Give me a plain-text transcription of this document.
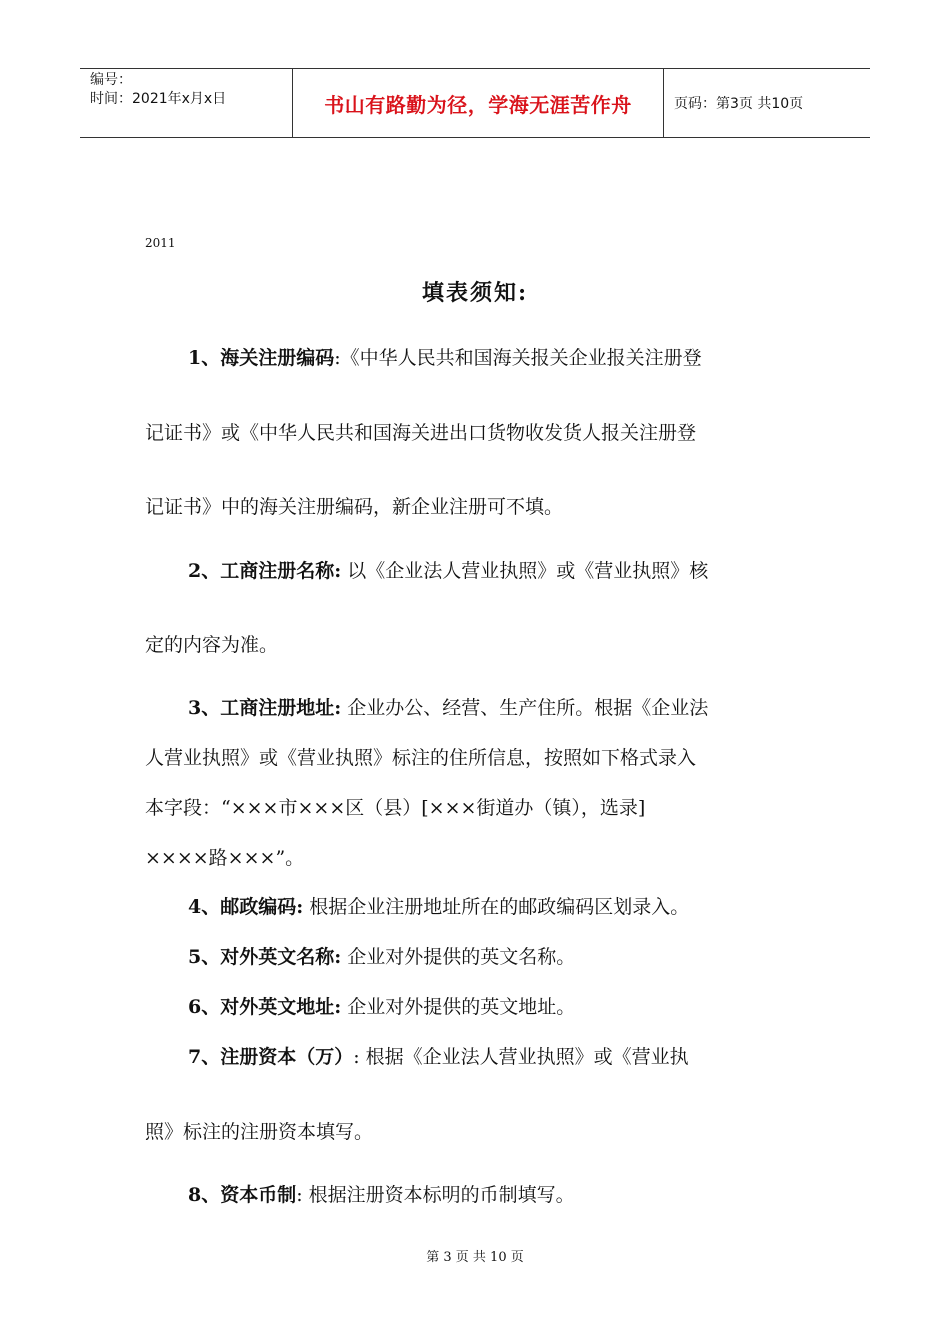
编号：
时间：2021年x月x日	书山有路勤为径，学海无涯苦作舟	页码：第3页 共10页
2011
填表须知:
1、海关注册编码:《中华人民共和国海关报关企业报关注册登
记证书》或《中华人民共和国海关进出口货物收发货人报关注册登
记证书》中的海关注册编码，新企业注册可不填。
2、工商注册名称: 以《企业法人营业执照》或《营业执照》核
定的内容为准。
3、工商注册地址: 企业办公、经营、生产住所。根据《企业法
人营业执照》或《营业执照》标注的住所信息，按照如下格式录入
本字段：“×××市×××区（县）[×××街道办（镇），选录]
××××路×××”。
4、邮政编码: 根据企业注册地址所在的邮政编码区划录入。
5、对外英文名称: 企业对外提供的英文名称。
6、对外英文地址: 企业对外提供的英文地址。
7、注册资本（万）: 根据《企业法人营业执照》或《营业执
照》标注的注册资本填写。
8、资本币制: 根据注册资本标明的币制填写。
第 3 页 共 10 页
